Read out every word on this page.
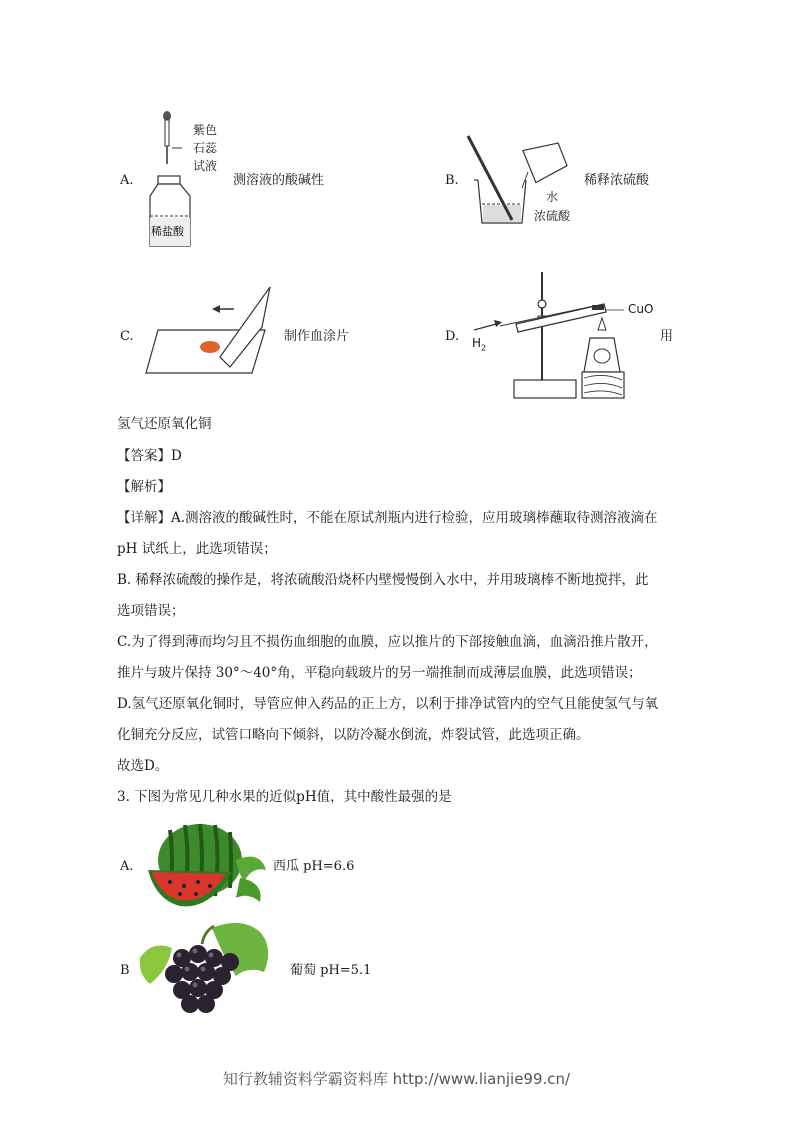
A.
稀盐酸
紫色
石蕊
试液
测溶液的酸碱性	B.
水
浓硫酸
稀释浓硫酸
C.	制作血涂片	D.
CuO
$H_2$
用
氢气还原氧化铜
【答案】D
【解析】
【详解】A.测溶液的酸碱性时，不能在原试剂瓶内进行检验，应用玻璃棒蘸取待测溶液滴在
pH 试纸上，此选项错误；
B. 稀释浓硫酸的操作是，将浓硫酸沿烧杯内壁慢慢倒入水中，并用玻璃棒不断地搅拌，此
选项错误；
C.为了得到薄而均匀且不损伤血细胞的血膜，应以推片的下部接触血滴，血滴沿推片散开，
推片与玻片保持 30°～40°角，平稳向载玻片的另一端推制而成薄层血膜，此选项错误；
D.氢气还原氧化铜时，导管应伸入药品的正上方，以利于排净试管内的空气且能使氢气与氧
化铜充分反应，试管口略向下倾斜，以防冷凝水倒流，炸裂试管，此选项正确。
故选D。
3. 下图为常见几种水果的近似pH值，其中酸性最强的是
A.	西瓜 pH=6.6
B	葡萄 pH=5.1
知行教辅资料学霸资料库 http://www.lianjie99.cn/
